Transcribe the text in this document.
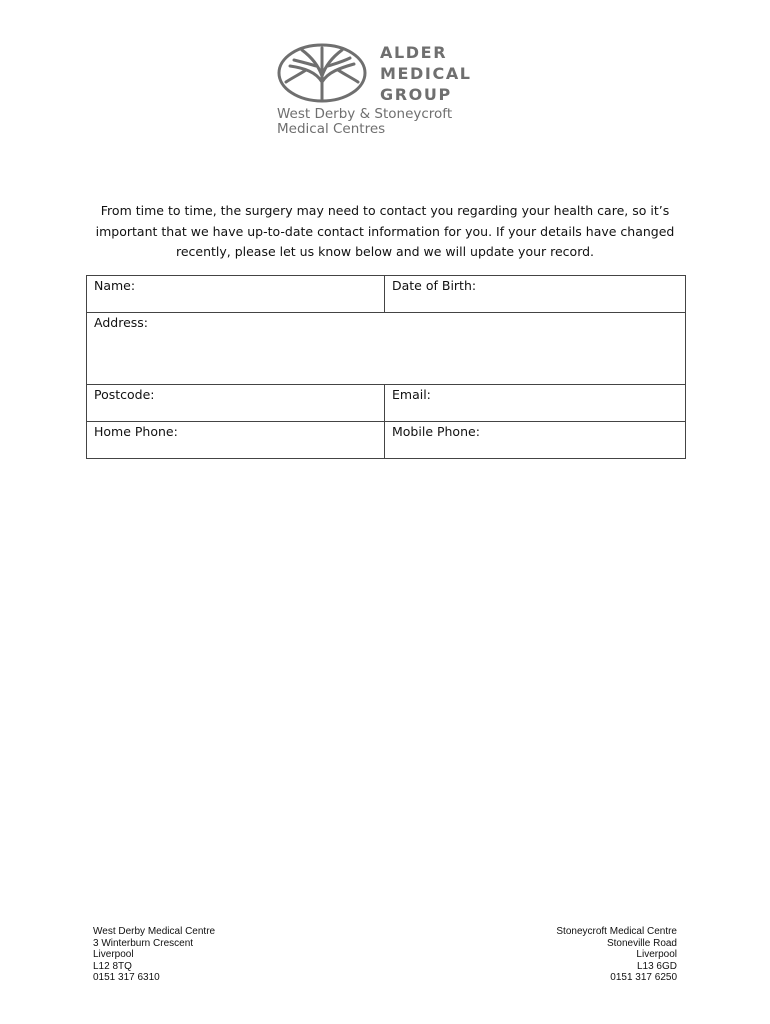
ALDER
MEDICAL
GROUP
West Derby & Stoneycroft
Medical Centres
From time to time, the surgery may need to contact you regarding your health care, so it’s
important that we have up-to-date contact information for you. If your details have changed
recently, please let us know below and we will update your record.
Name:	Date of Birth:
Address:	
Postcode:	Email:
Home Phone:	Mobile Phone:
West Derby Medical Centre
3 Winterburn Crescent
Liverpool
L12 8TQ
0151 317 6310
Stoneycroft Medical Centre
Stoneville Road
Liverpool
L13 6GD
0151 317 6250
